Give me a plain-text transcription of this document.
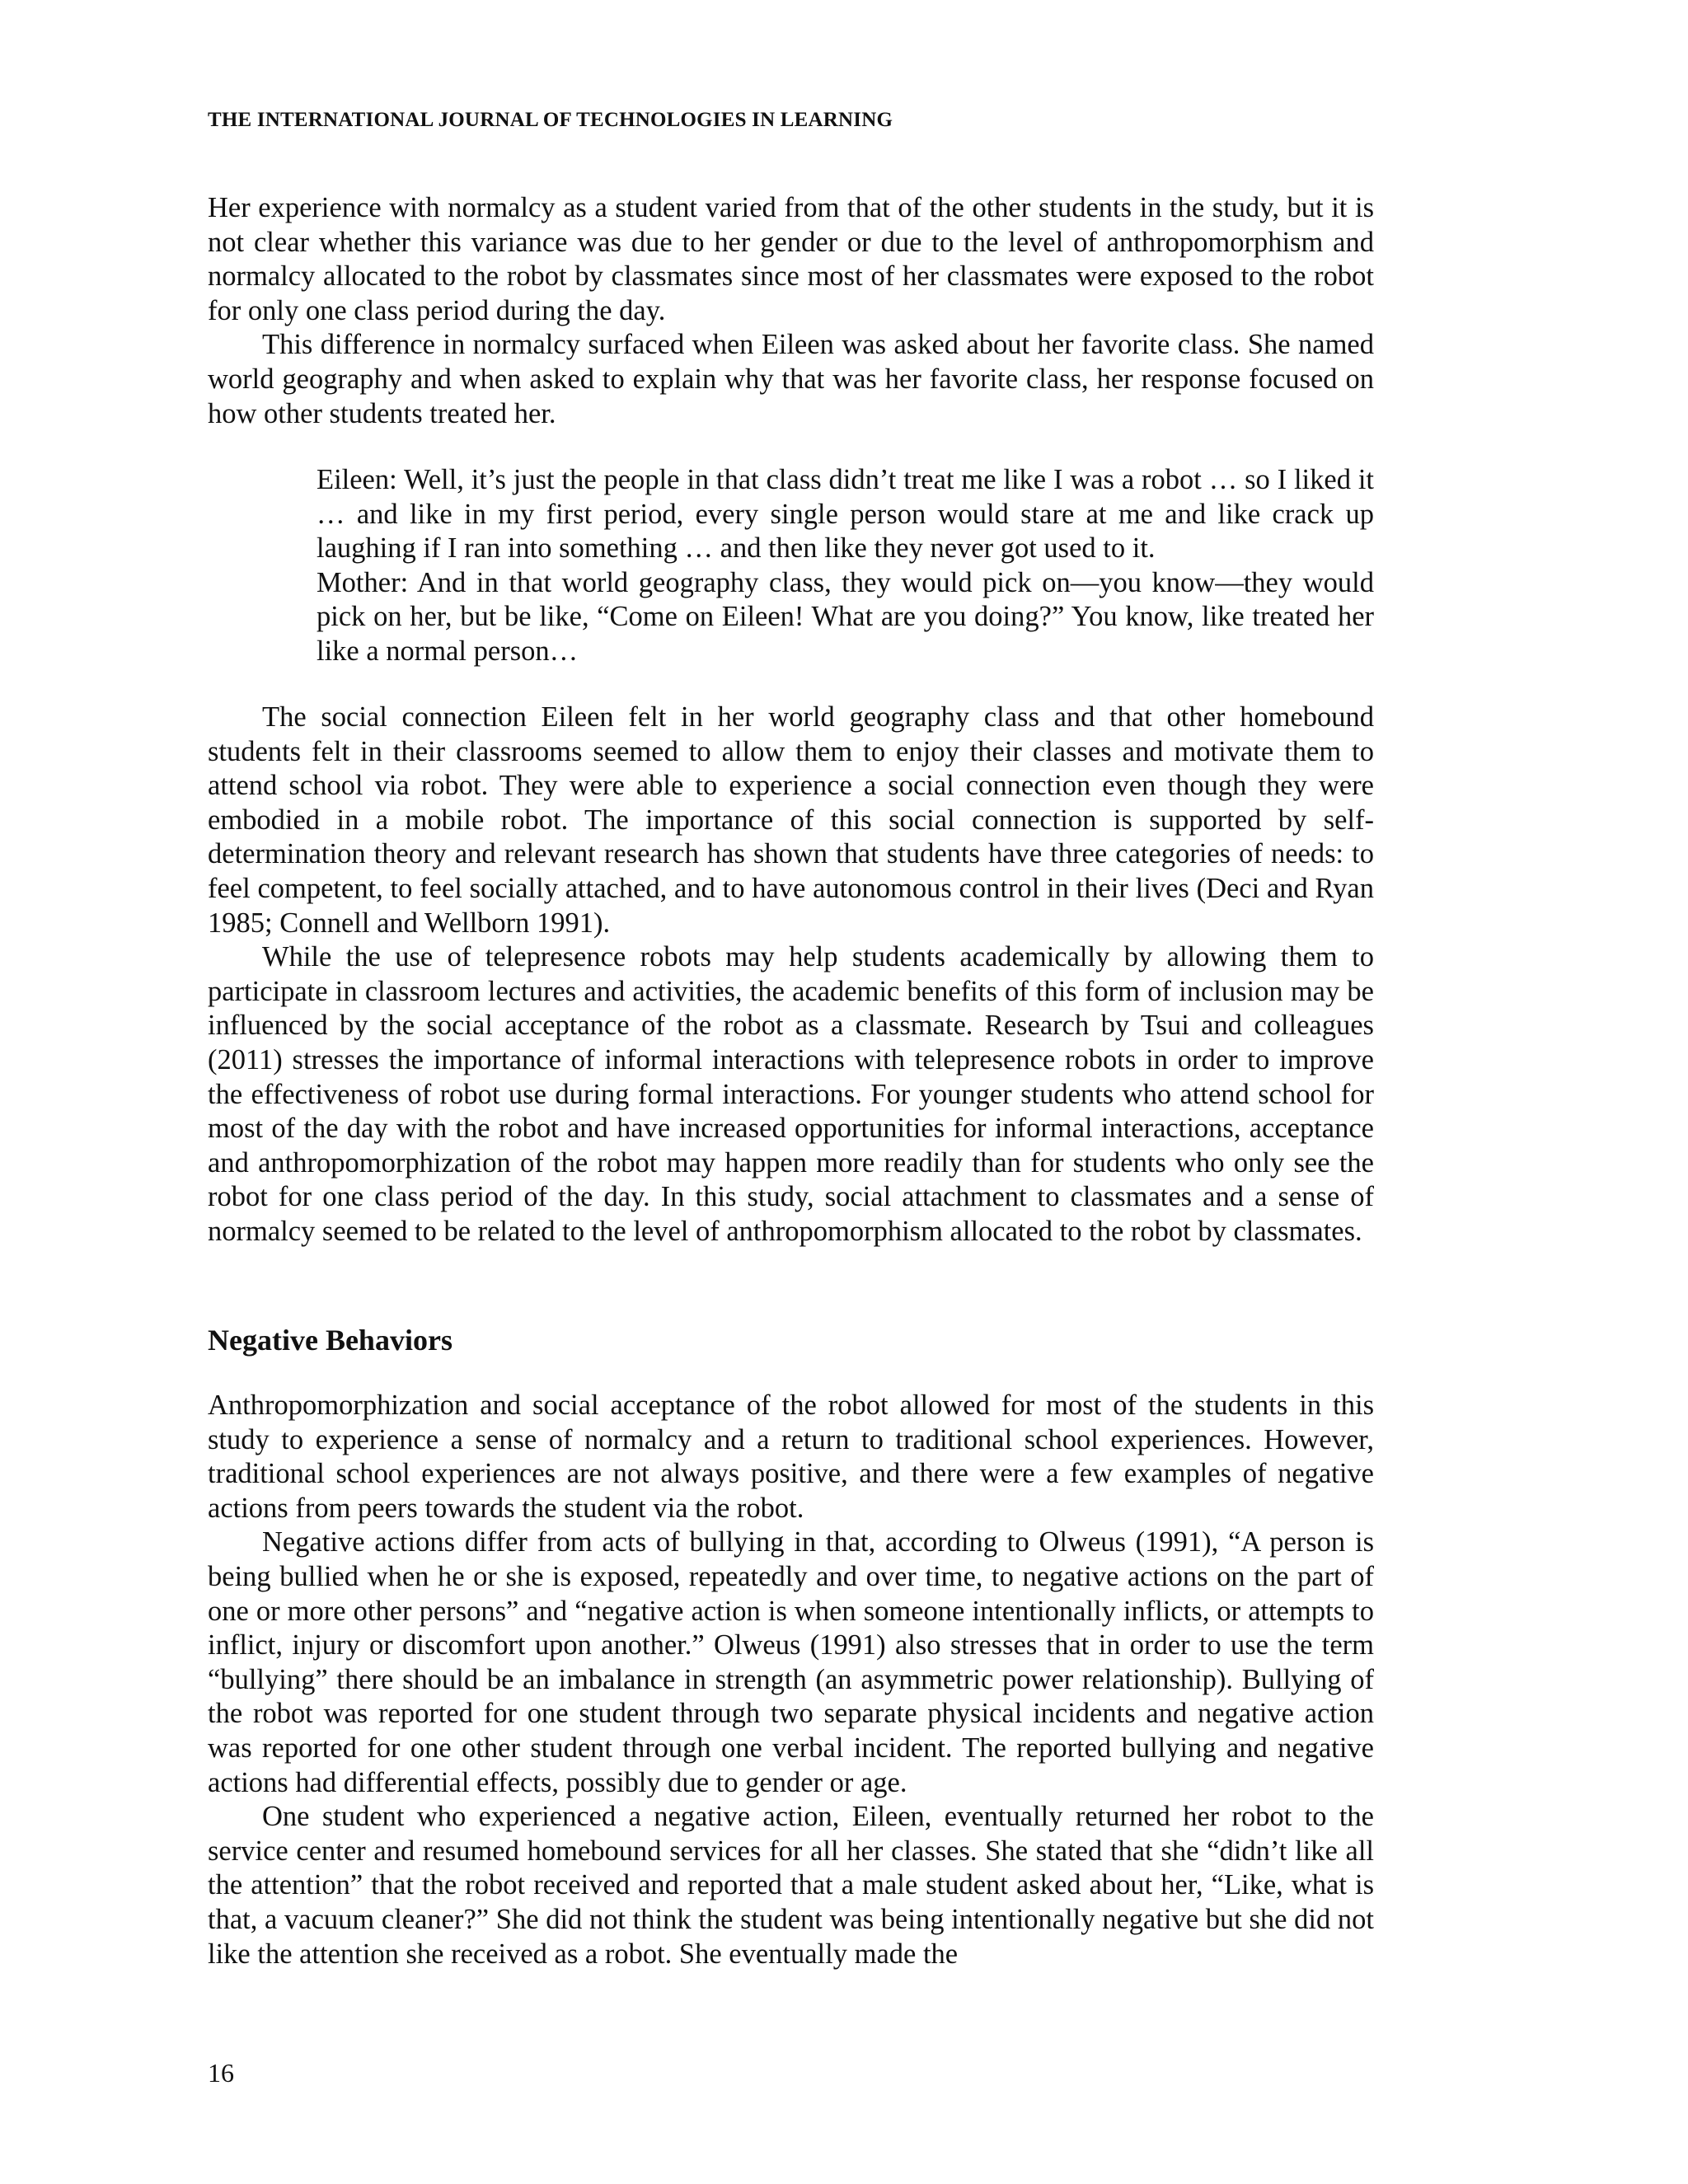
THE INTERNATIONAL JOURNAL OF TECHNOLOGIES IN LEARNING

Her experience with normalcy as a student varied from that of the other students in the study, but it is not clear whether this variance was due to her gender or due to the level of anthropomorphism and normalcy allocated to the robot by classmates since most of her classmates were exposed to the robot for only one class period during the day.

This difference in normalcy surfaced when Eileen was asked about her favorite class. She named world geography and when asked to explain why that was her favorite class, her response focused on how other students treated her.

Eileen: Well, it’s just the people in that class didn’t treat me like I was a robot … so I liked it … and like in my first period, every single person would stare at me and like crack up laughing if I ran into something … and then like they never got used to it.

Mother: And in that world geography class, they would pick on—you know—they would pick on her, but be like, “Come on Eileen! What are you doing?” You know, like treated her like a normal person…

The social connection Eileen felt in her world geography class and that other homebound students felt in their classrooms seemed to allow them to enjoy their classes and motivate them to attend school via robot. They were able to experience a social connection even though they were embodied in a mobile robot. The importance of this social connection is supported by self-determination theory and relevant research has shown that students have three categories of needs: to feel competent, to feel socially attached, and to have autonomous control in their lives (Deci and Ryan 1985; Connell and Wellborn 1991).

While the use of telepresence robots may help students academically by allowing them to participate in classroom lectures and activities, the academic benefits of this form of inclusion may be influenced by the social acceptance of the robot as a classmate. Research by Tsui and colleagues (2011) stresses the importance of informal interactions with telepresence robots in order to improve the effectiveness of robot use during formal interactions. For younger students who attend school for most of the day with the robot and have increased opportunities for informal interactions, acceptance and anthropomorphization of the robot may happen more readily than for students who only see the robot for one class period of the day. In this study, social attachment to classmates and a sense of normalcy seemed to be related to the level of anthropomorphism allocated to the robot by classmates.

Negative Behaviors

Anthropomorphization and social acceptance of the robot allowed for most of the students in this study to experience a sense of normalcy and a return to traditional school experiences. However, traditional school experiences are not always positive, and there were a few examples of negative actions from peers towards the student via the robot.

Negative actions differ from acts of bullying in that, according to Olweus (1991), “A person is being bullied when he or she is exposed, repeatedly and over time, to negative actions on the part of one or more other persons” and “negative action is when someone intentionally inflicts, or attempts to inflict, injury or discomfort upon another.” Olweus (1991) also stresses that in order to use the term “bullying” there should be an imbalance in strength (an asymmetric power relationship). Bullying of the robot was reported for one student through two separate physical incidents and negative action was reported for one other student through one verbal incident. The reported bullying and negative actions had differential effects, possibly due to gender or age.

One student who experienced a negative action, Eileen, eventually returned her robot to the service center and resumed homebound services for all her classes. She stated that she “didn’t like all the attention” that the robot received and reported that a male student asked about her, “Like, what is that, a vacuum cleaner?” She did not think the student was being intentionally negative but she did not like the attention she received as a robot. She eventually made the

16
